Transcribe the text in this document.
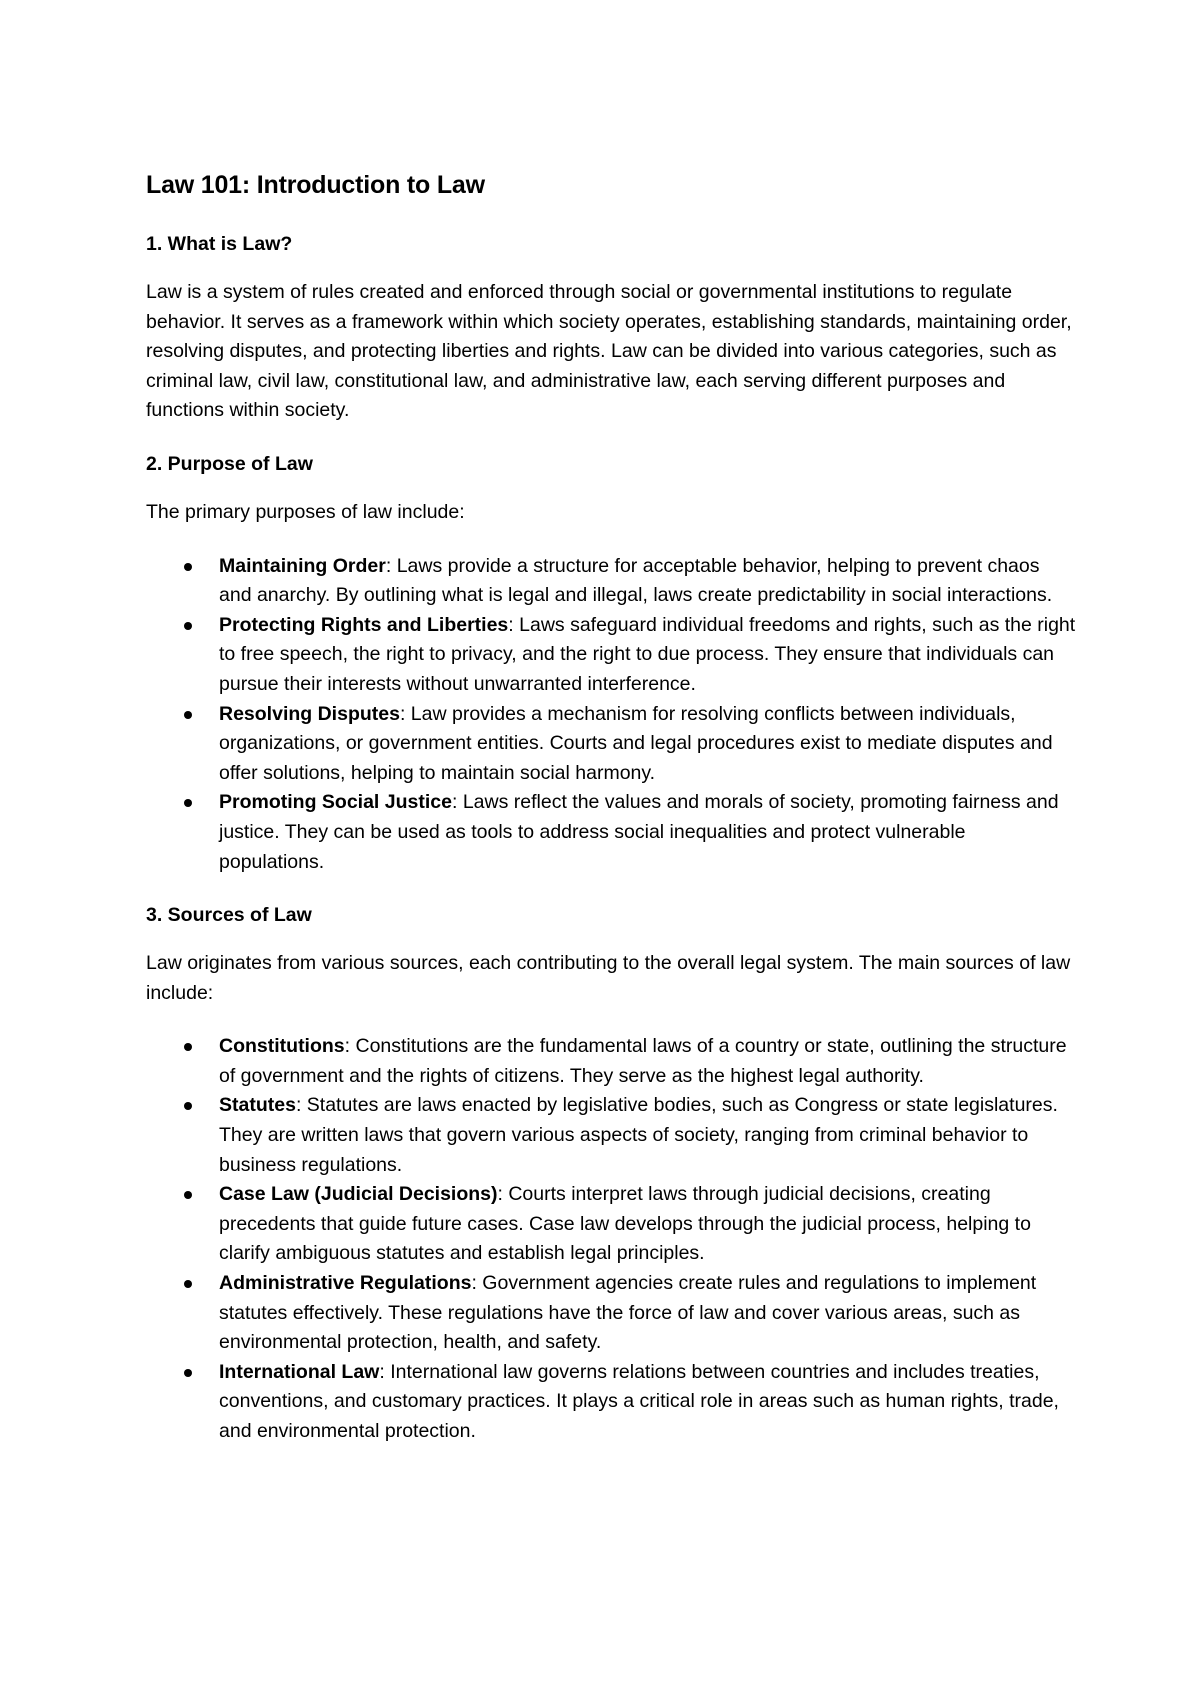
Law 101: Introduction to Law
1. What is Law?

Law is a system of rules created and enforced through social or governmental institutions to regulate behavior. It serves as a framework within which society operates, establishing standards, maintaining order, resolving disputes, and protecting liberties and rights. Law can be divided into various categories, such as criminal law, civil law, constitutional law, and administrative law, each serving different purposes and functions within society.

2. Purpose of Law

The primary purposes of law include:

Maintaining Order: Laws provide a structure for acceptable behavior, helping to prevent chaos and anarchy. By outlining what is legal and illegal, laws create predictability in social interactions.
Protecting Rights and Liberties: Laws safeguard individual freedoms and rights, such as the right to free speech, the right to privacy, and the right to due process. They ensure that individuals can pursue their interests without unwarranted interference.
Resolving Disputes: Law provides a mechanism for resolving conflicts between individuals, organizations, or government entities. Courts and legal procedures exist to mediate disputes and offer solutions, helping to maintain social harmony.
Promoting Social Justice: Laws reflect the values and morals of society, promoting fairness and justice. They can be used as tools to address social inequalities and protect vulnerable populations.
3. Sources of Law

Law originates from various sources, each contributing to the overall legal system. The main sources of law include:

Constitutions: Constitutions are the fundamental laws of a country or state, outlining the structure of government and the rights of citizens. They serve as the highest legal authority.
Statutes: Statutes are laws enacted by legislative bodies, such as Congress or state legislatures. They are written laws that govern various aspects of society, ranging from criminal behavior to business regulations.
Case Law (Judicial Decisions): Courts interpret laws through judicial decisions, creating precedents that guide future cases. Case law develops through the judicial process, helping to clarify ambiguous statutes and establish legal principles.
Administrative Regulations: Government agencies create rules and regulations to implement statutes effectively. These regulations have the force of law and cover various areas, such as environmental protection, health, and safety.
International Law: International law governs relations between countries and includes treaties, conventions, and customary practices. It plays a critical role in areas such as human rights, trade, and environmental protection.
